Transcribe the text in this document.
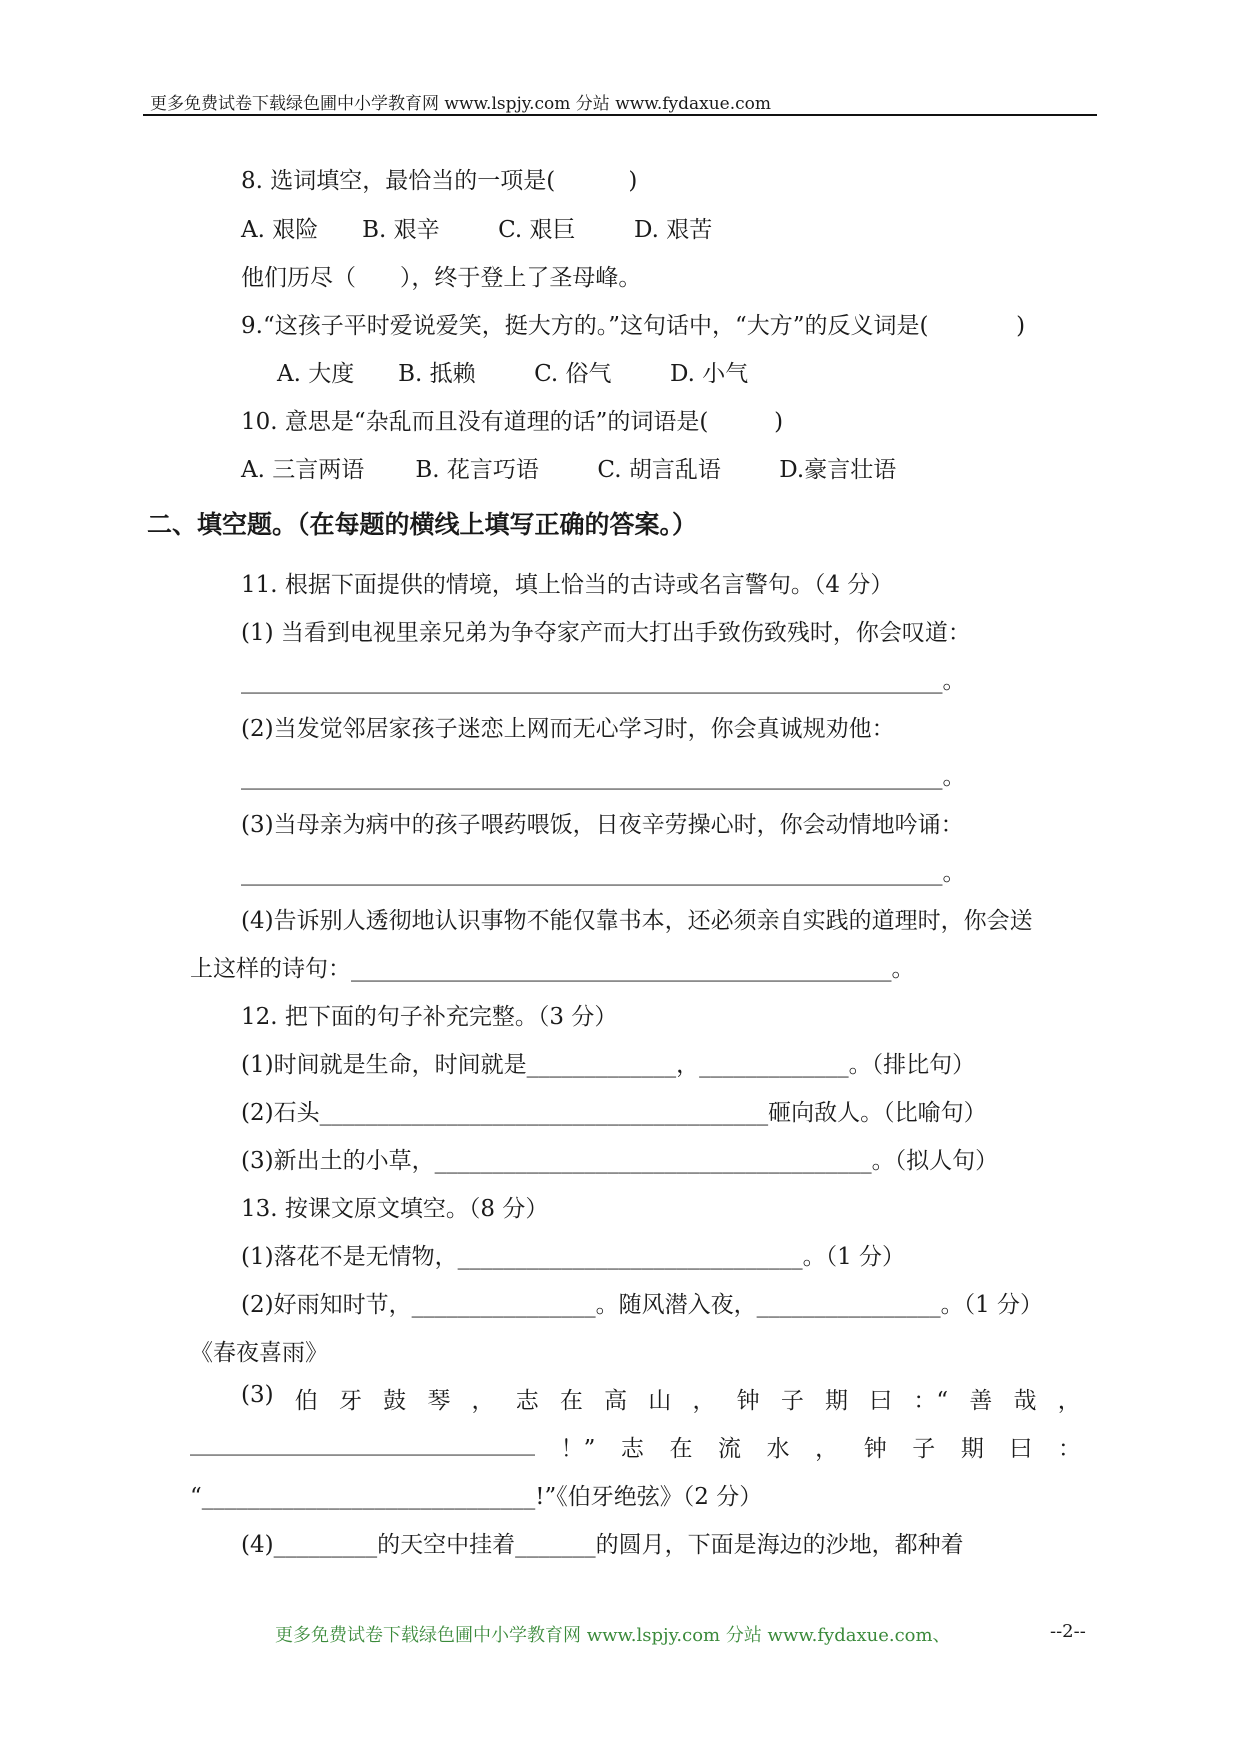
更多免费试卷下载绿色圃中小学教育网 www.lspjy.com 分站 www.fydaxue.com
8. 选词填空，最恰当的一项是(          )
A. 艰险      B. 艰辛        C. 艰巨        D. 艰苦
他们历尽（      ），终于登上了圣母峰。
9.“这孩子平时爱说爱笑，挺大方的。”这句话中，“大方”的反义词是(            )
A. 大度      B. 抵赖        C. 俗气        D. 小气
10. 意思是“杂乱而且没有道理的话”的词语是(         )
A. 三言两语       B. 花言巧语        C. 胡言乱语        D.豪言壮语
二、填空题。（在每题的横线上填写正确的答案。）
11. 根据下面提供的情境，填上恰当的古诗或名言警句。（4 分）
(1) 当看到电视里亲兄弟为争夺家产而大打出手致伤致残时，你会叹道：
_____________________________________________________________。
(2)当发觉邻居家孩子迷恋上网而无心学习时，你会真诚规劝他：
_____________________________________________________________。
(3)当母亲为病中的孩子喂药喂饭，日夜辛劳操心时，你会动情地吟诵：
_____________________________________________________________。
(4)告诉别人透彻地认识事物不能仅靠书本，还必须亲自实践的道理时，你会送
上这样的诗句：_______________________________________________。
12. 把下面的句子补充完整。（3 分）
(1)时间就是生命，时间就是_____________，_____________。（排比句）
(2)石头_______________________________________砸向敌人。（比喻句）
(3)新出土的小草，______________________________________。（拟人句）
13. 按课文原文填空。（8 分）
(1)落花不是无情物，______________________________。（1 分）
(2)好雨知时节，________________。随风潜入夜，________________。（1 分）
《春夜喜雨》
(3) 伯 牙 鼓 琴 ， 志 在 高 山 ， 钟 子 期 曰 ：“ 善 哉 ，
______________________________ ！” 志 在 流 水 ， 钟 子 期 曰 ：
“_____________________________!”《伯牙绝弦》（2 分）
(4)_________的天空中挂着_______的圆月，下面是海边的沙地，都种着
更多免费试卷下载绿色圃中小学教育网 www.lspjy.com 分站 www.fydaxue.com、	--2--
